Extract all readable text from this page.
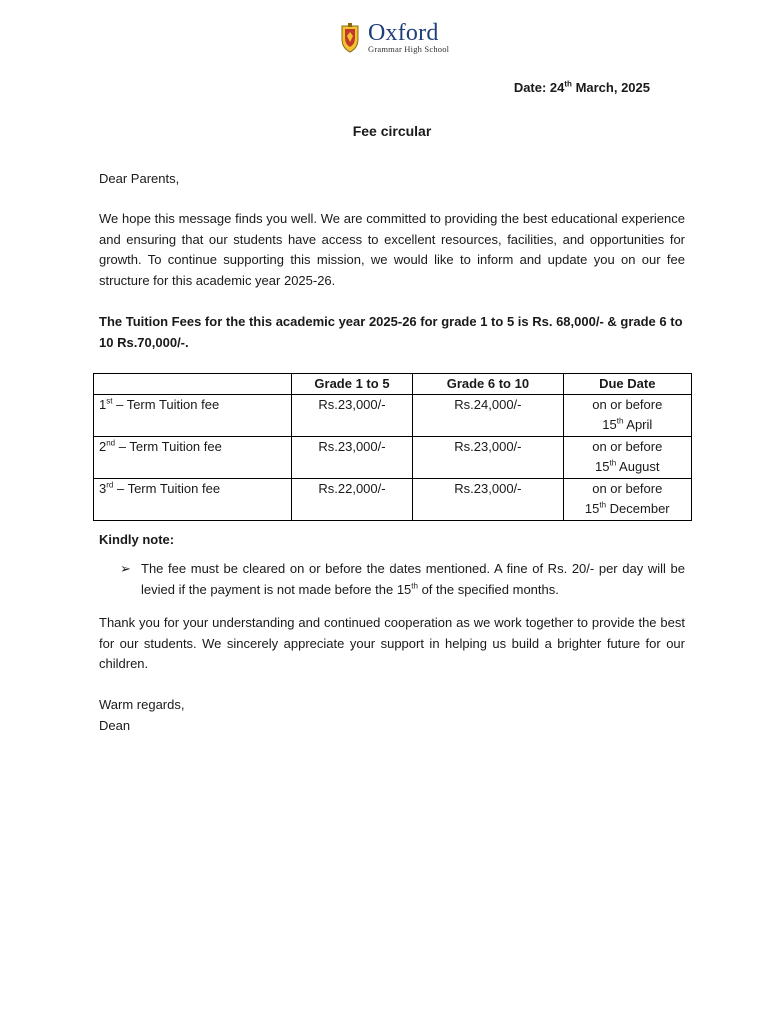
Oxford
Grammar High School
Date: 24th March, 2025
Fee circular
Dear Parents,
We hope this message finds you well. We are committed to providing the best educational experience and ensuring that our students have access to excellent resources, facilities, and opportunities for growth. To continue supporting this mission, we would like to inform and update you on our fee structure for this academic year 2025-26.
The Tuition Fees for the this academic year 2025-26 for grade 1 to 5 is Rs. 68,000/- & grade 6 to 10 Rs.70,000/-.
	Grade 1 to 5	Grade 6 to 10	Due Date
1st – Term Tuition fee	Rs.23,000/-	Rs.24,000/-	on or before
15th April
2nd – Term Tuition fee	Rs.23,000/-	Rs.23,000/-	on or before
15th August
3rd – Term Tuition fee	Rs.22,000/-	Rs.23,000/-	on or before
15th December
Kindly note:
➢ The fee must be cleared on or before the dates mentioned. A fine of Rs. 20/- per day will be levied if the payment is not made before the 15th of the specified months.
Thank you for your understanding and continued cooperation as we work together to provide the best for our students. We sincerely appreciate your support in helping us build a brighter future for our children.
Warm regards,
Dean
